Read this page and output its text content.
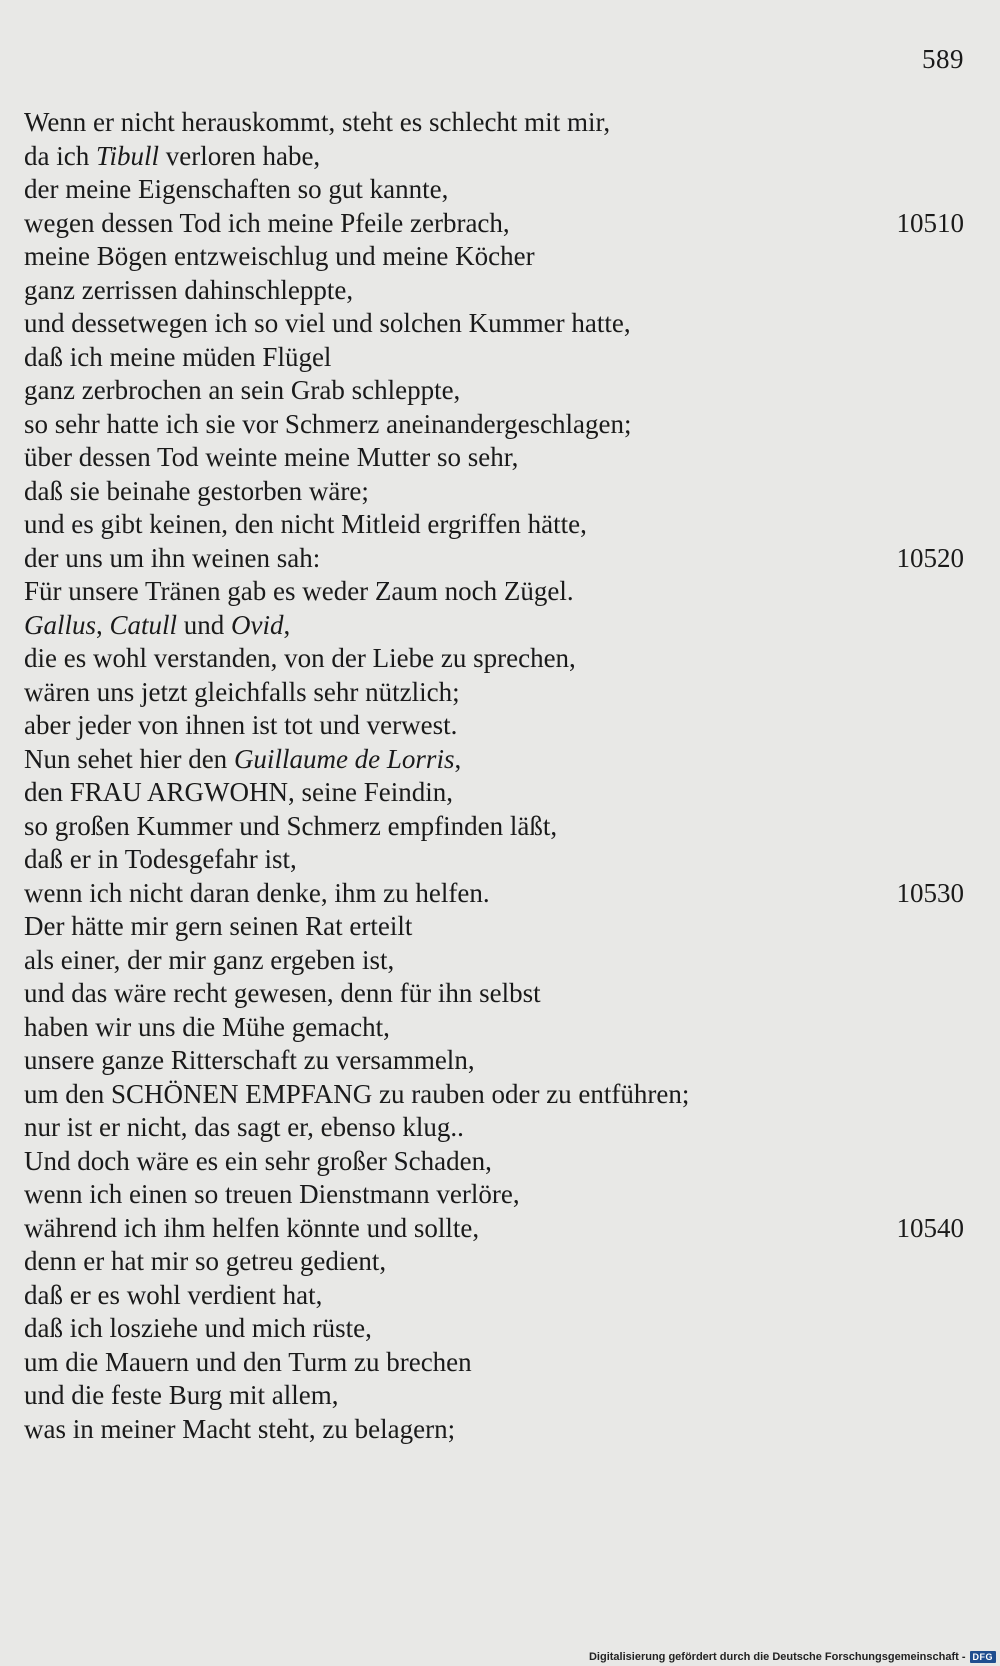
589
Wenn er nicht herauskommt, steht es schlecht mit mir,
da ich Tibull verloren habe,
der meine Eigenschaften so gut kannte,
wegen dessen Tod ich meine Pfeile zerbrach,	10510
meine Bögen entzweischlug und meine Köcher
ganz zerrissen dahinschleppte,
und dessetwegen ich so viel und solchen Kummer hatte,
daß ich meine müden Flügel
ganz zerbrochen an sein Grab schleppte,
so sehr hatte ich sie vor Schmerz aneinandergeschlagen;
über dessen Tod weinte meine Mutter so sehr,
daß sie beinahe gestorben wäre;
und es gibt keinen, den nicht Mitleid ergriffen hätte,
der uns um ihn weinen sah:	10520
Für unsere Tränen gab es weder Zaum noch Zügel.
Gallus, Catull und Ovid,
die es wohl verstanden, von der Liebe zu sprechen,
wären uns jetzt gleichfalls sehr nützlich;
aber jeder von ihnen ist tot und verwest.
Nun sehet hier den Guillaume de Lorris,
den FRAU ARGWOHN, seine Feindin,
so großen Kummer und Schmerz empfinden läßt,
daß er in Todesgefahr ist,
wenn ich nicht daran denke, ihm zu helfen.	10530
Der hätte mir gern seinen Rat erteilt
als einer, der mir ganz ergeben ist,
und das wäre recht gewesen, denn für ihn selbst
haben wir uns die Mühe gemacht,
unsere ganze Ritterschaft zu versammeln,
um den SCHÖNEN EMPFANG zu rauben oder zu entführen;
nur ist er nicht, das sagt er, ebenso klug..
Und doch wäre es ein sehr großer Schaden,
wenn ich einen so treuen Dienstmann verlöre,
während ich ihm helfen könnte und sollte,	10540
denn er hat mir so getreu gedient,
daß er es wohl verdient hat,
daß ich losziehe und mich rüste,
um die Mauern und den Turm zu brechen
und die feste Burg mit allem,
was in meiner Macht steht, zu belagern;
Digitalisierung gefördert durch die Deutsche Forschungsgemeinschaft - DFG
